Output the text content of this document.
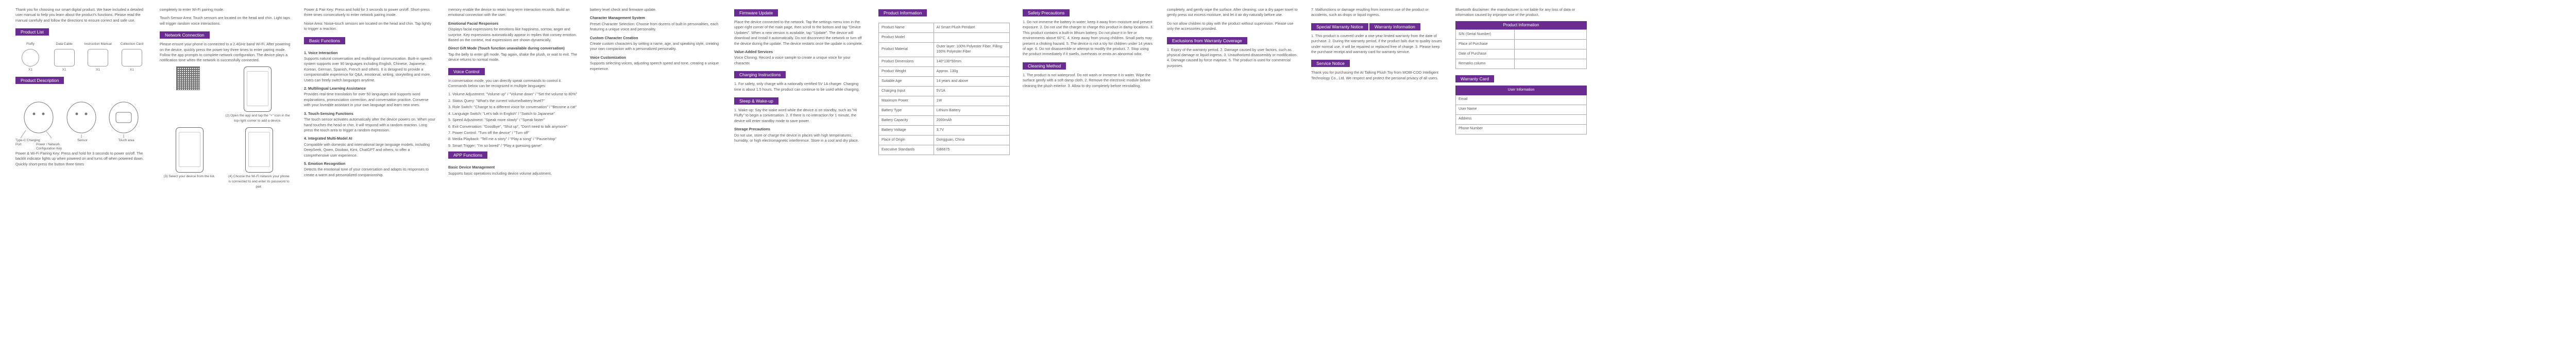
Thank you for choosing our smart digital product. We have included a detailed user manual to help you learn about the product's functions. Please read the manual carefully and follow the directions to ensure correct and safe use.

Product List
Fluffy
X1
Data Cable
X1
Instruction Manual
X1
Collection Card
X1
Product Description
Type-C Charging Port	Power / Network Configuration Key
Sensor	Touch area

Power & Wi-Fi Pairing Key: Press and hold for 3 seconds to power on/off. The backlit indicator lights up when powered on and turns off when powered down. Quickly short-press the button three times

completely to enter Wi-Fi pairing mode.

Touch Sensor Area: Touch sensors are located on the head and chin. Light taps will trigger random voice interactions.

Network Connection

Please ensure your phone is connected to a 2.4GHz band Wi-Fi. After powering on the device, quickly press the power key three times to enter pairing mode. Follow the app prompts to complete network configuration. The device plays a notification tone when the network is successfully connected.

(2) Open the app and tap the "+" icon in the top-right corner to add a device.
(3) Select your device from the list.	(4) Choose the Wi-Fi network your phone is connected to and enter its password to pair.

Power & Pair Key: Press and hold for 3 seconds to power on/off. Short-press three times consecutively to enter network pairing mode.

Noise Area: Noise-touch sensors are located on the head and chin. Tap lightly to trigger a reaction.

Basic Functions
1. Voice Interaction

Supports natural conversation and multilingual communication. Built-in speech system supports over 90 languages including English, Chinese, Japanese, Korean, German, Spanish, French and others. It is designed to provide a companionable experience for Q&A, emotional, writing, storytelling and more. Users can freely switch languages anytime.

2. Multilingual Learning Assistance

Provides real-time translation for over 50 languages and supports word explanations, pronunciation correction, and conversation practice. Converse with your loveable assistant in your own language and learn new ones.

3. Touch-Sensing Functions

The touch sensor activates automatically after the device powers on. When your hand touches the head or chin, it will respond with a random reaction. Long press the touch area to trigger a random expression.

4. Integrated Multi-Model AI

Compatible with domestic and international large language models, including DeepSeek, Qwen, Doubao, Kimi, ChatGPT and others, to offer a comprehensive user experience.

5. Emotion Recognition

Detects the emotional tone of your conversation and adapts its responses to create a warm and personalized companionship.

memory enable the device to retain long-term interaction records. Build an emotional connection with the user.

Emotional Facial Responses

Displays facial expressions for emotions like happiness, sorrow, anger and surprise. Key expressions automatically appear in replies that convey emotion. Based on the context, real expressions are shown dynamically.

Direct Gift Mode (Touch function unavailable during conversation)

Tap the belly to enter gift mode. Tap again, shake the plush, or wait to exit. The device returns to normal mode.

Voice Control

In conversation mode, you can directly speak commands to control it. Commands below can be recognized in multiple languages:

1. Volume Adjustment: "Volume up" / "Volume down" / "Set the volume to 80%"
2. Status Query: "What's the current volume/battery level?"
3. Role Switch: "Change to a different voice for conversation" / "Become a cat"
4. Language Switch: "Let's talk in English" / "Switch to Japanese"
5. Speed Adjustment: "Speak more slowly" / "Speak faster"
6. Exit Conversation: "Goodbye", "Shut up", "Don't need to talk anymore"
7. Power Control: "Turn off the device" / "Turn off"
8. Media Playback: "Tell me a story" / "Play a song" / "Pause/stop"
9. Smart Trigger: "I'm so bored" / "Play a guessing game"
APP Functions
Basic Device Management

Supports basic operations including device volume adjustment,

battery level check and firmware update.

Character Management System

Preset Character Selection: Choose from dozens of built-in personalities, each featuring a unique voice and personality.

Custom Character Creation

Create custom characters by setting a name, age, and speaking style, creating your own companion with a personalized personality.

Voice Customization

Supports selecting voices, adjusting speech speed and tone, creating a unique experience.

Firmware Update

Place the device connected to the network. Tap the settings menu icon in the upper-right corner of the main page, then scroll to the bottom and tap "Device Updates". When a new version is available, tap "Update". The device will download and install it automatically. Do not disconnect the network or turn off the device during the update. The device restarts once the update is complete.

Value-Added Services

Voice Cloning: Record a voice sample to create a unique voice for your character.

Charging Instructions

1. For safety, only charge with a nationally certified 5V 1A charger. Charging time is about 1.5 hours. The product can continue to be used while charging.

Sleep & Wake-up

1. Wake-up: Say the wake word while the device is on standby, such as "Hi Fluffy" to begin a conversation. 2. If there is no interaction for 1 minute, the device will enter standby mode to save power.

Storage Precautions

Do not use, store or charge the device in places with high temperatures, humidity, or high electromagnetic interference. Store in a cool and dry place.

Product Information
Product Name	AI Smart Plush Pendant
Product Model	
Product Material	Outer layer: 100% Polyester Fiber. Filling: 100% Polyester Fiber
Product Dimensions	140*130*50mm
Product Weight	Approx. 130g
Suitable Age	14 years and above
Charging Input	5V1A
Maximum Power	1W
Battery Type	Lithium Battery
Battery Capacity	2000mAh
Battery Voltage	3.7V
Place of Origin	Dongguan, China
Executive Standards	GB6675
Safety Precautions

1. Do not immerse the battery in water; keep it away from moisture and prevent exposure. 2. Do not use the charger to charge this product in damp locations. 3. This product contains a built-in lithium battery. Do not place it in fire or environments above 60°C. 4. Keep away from young children. Small parts may present a choking hazard. 5. The device is not a toy for children under 14 years of age. 6. Do not disassemble or attempt to modify the product. 7. Stop using the product immediately if it swells, overheats or emits an abnormal odor.

Cleaning Method

1. The product is not waterproof. Do not wash or immerse it in water. Wipe the surface gently with a soft damp cloth. 2. Remove the electronic module before cleaning the plush exterior. 3. Allow to dry completely before reinstalling.

completely, and gently wipe the surface. After cleaning, use a dry paper towel to gently press out excess moisture, and let it air dry naturally before use.

Do not allow children to play with the product without supervision. Please use only the accessories provided.

Exclusions from Warranty Coverage

1. Expiry of the warranty period. 2. Damage caused by user factors, such as physical damage or liquid ingress. 3. Unauthorized disassembly or modification. 4. Damage caused by force majeure. 5. The product is used for commercial purposes.

7. Malfunctions or damage resulting from incorrect use of the product or accidents, such as drops or liquid ingress.

Special Warranty Notice	Warranty Information

1. This product is covered under a one-year limited warranty from the date of purchase. 2. During the warranty period, if the product fails due to quality issues under normal use, it will be repaired or replaced free of charge. 3. Please keep the purchase receipt and warranty card for warranty service.

Service Notice

Thank you for purchasing the AI Talking Plush Toy from MOBI-COO Intelligent Technology Co., Ltd. We respect and protect the personal privacy of all users.

Bluetooth disclaimer: the manufacturer is not liable for any loss of data or information caused by improper use of the product.

Product Information
S/N (Serial Number)	
Place of Purchase	
Date of Purchase	
Remarks column	
Warranty Card
User Information
Email
User Name
Address
Phone Number
